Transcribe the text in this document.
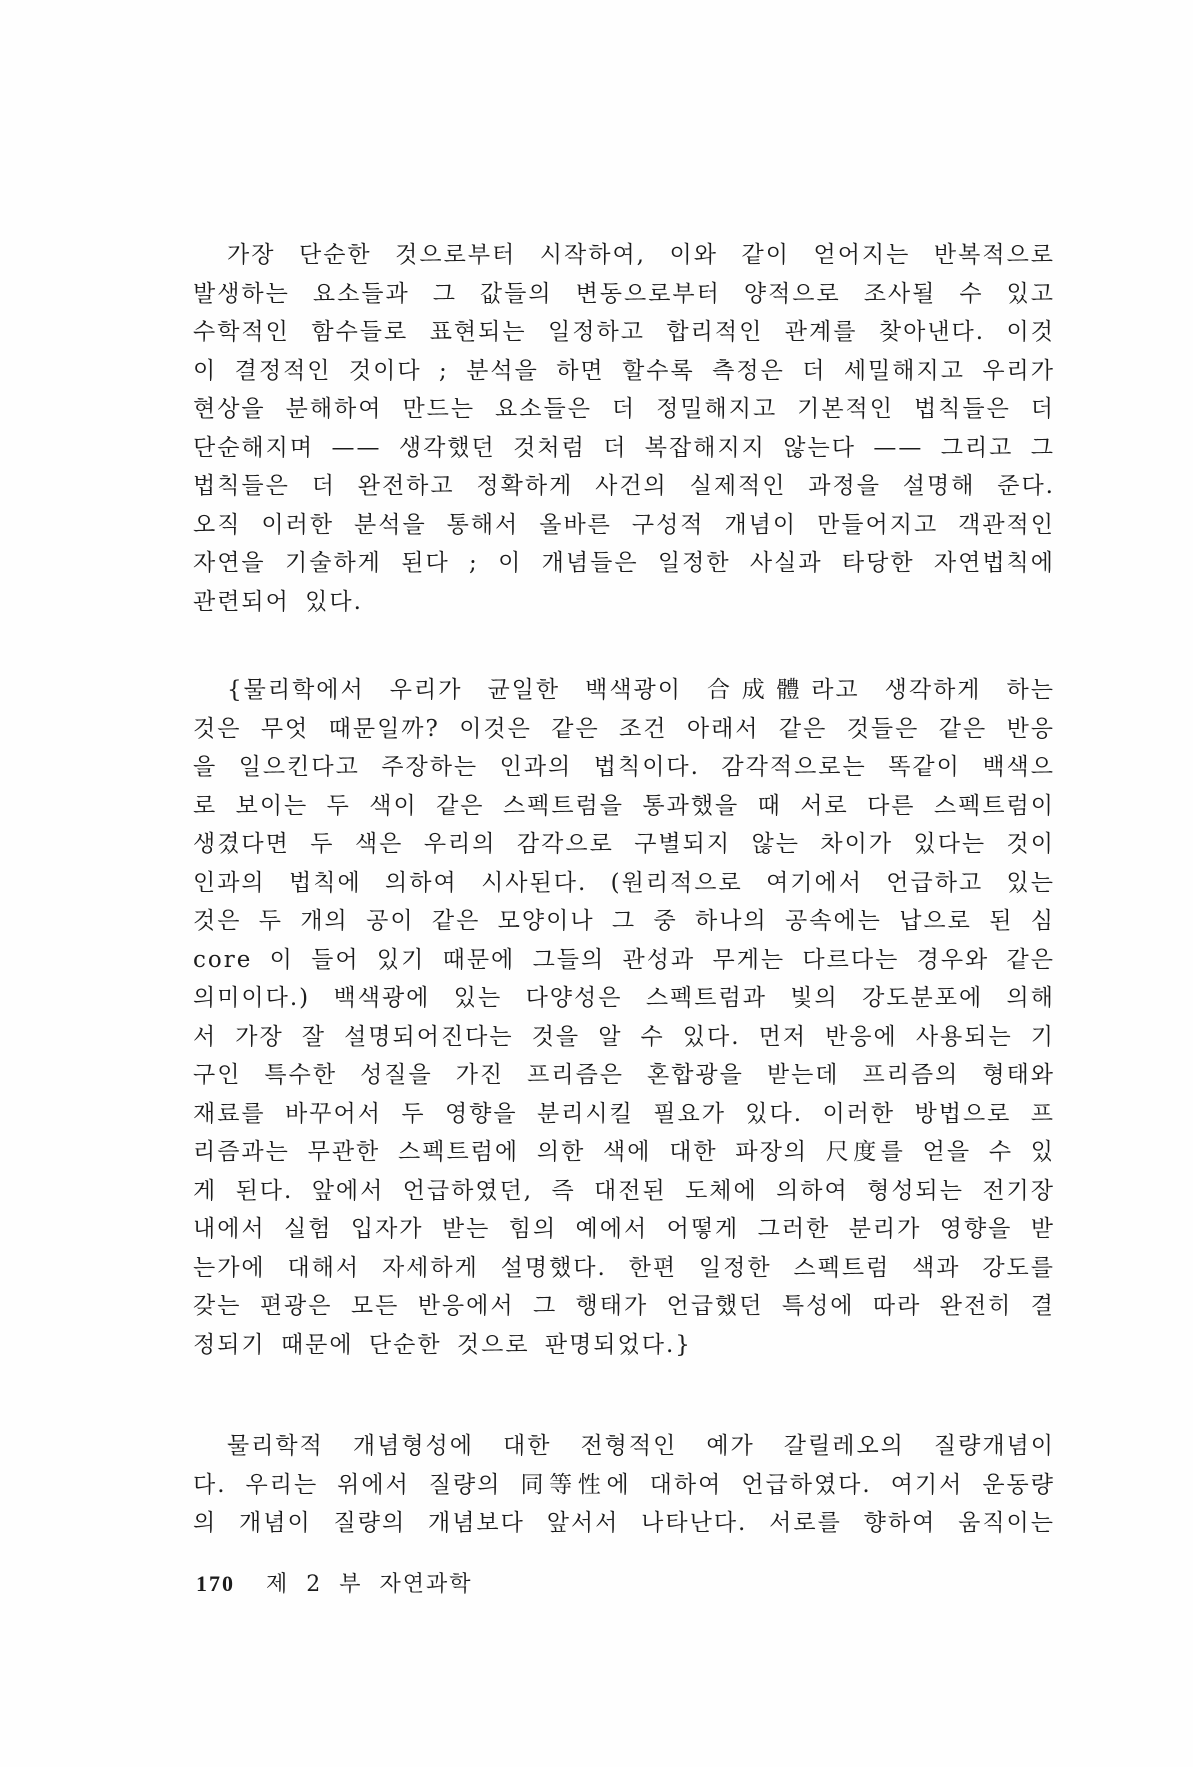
가장 단순한 것으로부터 시작하여, 이와 같이 얻어지는 반복적으로
발생하는 요소들과 그 값들의 변동으로부터 양적으로 조사될 수 있고
수학적인 함수들로 표현되는 일정하고 합리적인 관계를 찾아낸다. 이것
이 결정적인 것이다 ; 분석을 하면 할수록 측정은 더 세밀해지고 우리가
현상을 분해하여 만드는 요소들은 더 정밀해지고 기본적인 법칙들은 더
단순해지며 —— 생각했던 것처럼 더 복잡해지지 않는다 —— 그리고 그
법칙들은 더 완전하고 정확하게 사건의 실제적인 과정을 설명해 준다.
오직 이러한 분석을 통해서 올바른 구성적 개념이 만들어지고 객관적인
자연을 기술하게 된다 ; 이 개념들은 일정한 사실과 타당한 자연법칙에
관련되어 있다.
{물리학에서 우리가 균일한 백색광이 合成體라고 생각하게 하는
것은 무엇 때문일까? 이것은 같은 조건 아래서 같은 것들은 같은 반응
을 일으킨다고 주장하는 인과의 법칙이다. 감각적으로는 똑같이 백색으
로 보이는 두 색이 같은 스펙트럼을 통과했을 때 서로 다른 스펙트럼이
생겼다면 두 색은 우리의 감각으로 구별되지 않는 차이가 있다는 것이
인과의 법칙에 의하여 시사된다. (원리적으로 여기에서 언급하고 있는
것은 두 개의 공이 같은 모양이나 그 중 하나의 공속에는 납으로 된 심
core 이 들어 있기 때문에 그들의 관성과 무게는 다르다는 경우와 같은
의미이다.) 백색광에 있는 다양성은 스펙트럼과 빛의 강도분포에 의해
서 가장 잘 설명되어진다는 것을 알 수 있다. 먼저 반응에 사용되는 기
구인 특수한 성질을 가진 프리즘은 혼합광을 받는데 프리즘의 형태와
재료를 바꾸어서 두 영향을 분리시킬 필요가 있다. 이러한 방법으로 프
리즘과는 무관한 스펙트럼에 의한 색에 대한 파장의 尺度를 얻을 수 있
게 된다. 앞에서 언급하였던, 즉 대전된 도체에 의하여 형성되는 전기장
내에서 실험 입자가 받는 힘의 예에서 어떻게 그러한 분리가 영향을 받
는가에 대해서 자세하게 설명했다. 한편 일정한 스펙트럼 색과 강도를
갖는 편광은 모든 반응에서 그 행태가 언급했던 특성에 따라 완전히 결
정되기 때문에 단순한 것으로 판명되었다.}
물리학적 개념형성에 대한 전형적인 예가 갈릴레오의 질량개념이
다. 우리는 위에서 질량의 同等性에 대하여 언급하였다. 여기서 운동량
의 개념이 질량의 개념보다 앞서서 나타난다. 서로를 향하여 움직이는
170 제 2 부 자연과학
